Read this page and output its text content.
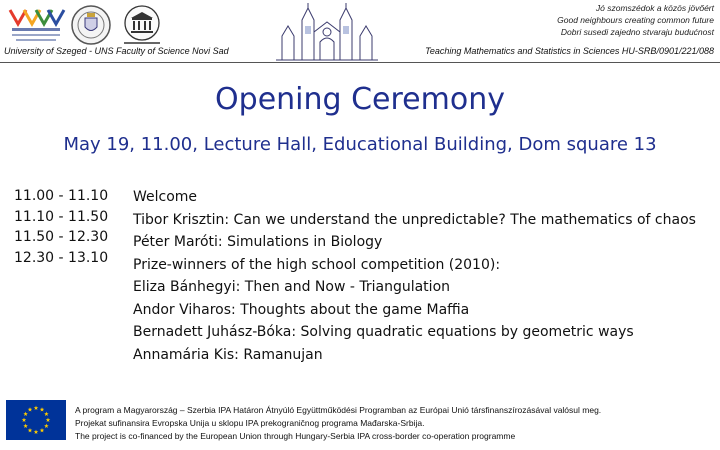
Jó szomszédok a közös jövőért
Good neighbours creating common future
Dobri susedi zajedno stvaraju budućnost
University of Szeged - UNS Faculty of Science Novi Sad	Teaching Mathematics and Statistics in Sciences HU-SRB/0901/221/088
Opening Ceremony
May 19, 11.00, Lecture Hall, Educational Building, Dom square 13
11.00 - 11.10
11.10 - 11.50
11.50 - 12.30
12.30 - 13.10
Welcome
Tibor Krisztin: Can we understand the unpredictable? The mathematics of chaos
Péter Maróti: Simulations in Biology
Prize-winners of the high school competition (2010):
Eliza Bánhegyi: Then and Now - Triangulation
Andor Viharos: Thoughts about the game Maffia
Bernadett Juhász-Bóka: Solving quadratic equations by geometric ways
Annamária Kis: Ramanujan
A program a Magyarország – Szerbia IPA Határon Átnyúló Együttműködési Programban az Európai Unió társfinanszírozásával valósul meg.
Projekat sufinansira Evropska Unija u sklopu IPA prekograničnog programa Mađarska-Srbija.
The project is co-financed by the European Union through Hungary-Serbia IPA cross-border co-operation programme
